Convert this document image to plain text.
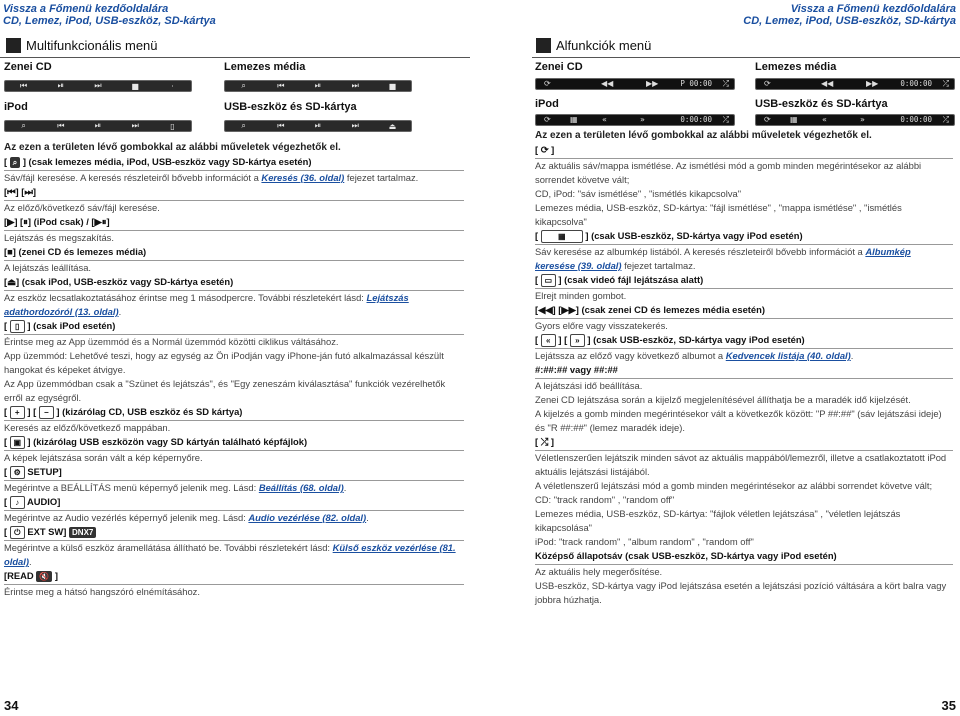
Vissza a Főmenü kezdőoldalára
CD, Lemez, iPod, USB-eszköz, SD-kártya
Vissza a Főmenü kezdőoldalára
CD, Lemez, iPod, USB-eszköz, SD-kártya
Multifunkcionális menü
Zenei CD	Lemezes média
⏮	⏯	⏭	■	·	⌕	⏮	⏯	⏭	■
iPod	USB-eszköz és SD-kártya
⌕	⏮	⏯	⏭	▯	⌕	⏮	⏯	⏭	⏏

Az ezen a területen lévő gombokkal az alábbi műveletek végezhetők el.

[ ⌕ ] (csak lemezes média, iPod, USB-eszköz vagy SD-kártya esetén)

Sáv/fájl keresése. A keresés részleteiről bővebb információt a Keresés (36. oldal) fejezet tartalmaz.

[⏮] [⏭]

Az előző/következő sáv/fájl keresése.

[▶] [⏸] (iPod csak) / [▶⏸]

Lejátszás és megszakítás.

[■] (zenei CD és lemezes média)

A lejátszás leállítása.

[⏏] (csak iPod, USB-eszköz vagy SD-kártya esetén)

Az eszköz lecsatlakoztatásához érintse meg 1 másodpercre. További részletekért lásd: Lejátszás adathordozóról (13. oldal).

[ ▯ ] (csak iPod esetén)

Érintse meg az App üzemmód és a Normál üzemmód közötti ciklikus váltásához.

App üzemmód: Lehetővé teszi, hogy az egység az Ön iPodján vagy iPhone-ján futó alkalmazással készült hangokat és képeket átvigye.

Az App üzemmódban csak a "Szünet és lejátszás", és "Egy zeneszám kiválasztása" funkciók vezérelhetők erről az egységről.

[ + ] [ − ] (kizárólag CD, USB eszköz és SD kártya)

Keresés az előző/következő mappában.

[ ▣ ] (kizárólag USB eszközön vagy SD kártyán található képfájlok)

A képek lejátszása során vált a kép képernyőre.

[ ⚙ SETUP]

Megérintve a BEÁLLÍTÁS menü képernyő jelenik meg. Lásd: Beállítás (68. oldal).

[ ♪ AUDIO]

Megérintve az Audio vezérlés képernyő jelenik meg. Lásd: Audio vezérlése (82. oldal).

[ ⏻ EXT SW] DNX7

Megérintve a külső eszköz áramellátása állítható be. További részletekért lásd: Külső eszköz vezérlése (81. oldal).

[READ 🔇 ]

Érintse meg a hátsó hangszóró elnémításához.

Alfunkciók menü
Zenei CD	Lemezes média
⟳	◀◀	▶▶	P 00:00 ⤮	⟳	◀◀	▶▶	0:00:00 ⤮
iPod	USB-eszköz és SD-kártya
⟳ ▦	«	»	0:00:00 ⤮	⟳ ▦	«	»	0:00:00 ⤮

Az ezen a területen lévő gombokkal az alábbi műveletek végezhetők el.

[ ⟳ ]

Az aktuális sáv/mappa ismétlése. Az ismétlési mód a gomb minden megérintésekor az alábbi sorrendet követve vált;

CD, iPod: "sáv ismétlése" , "ismétlés kikapcsolva"

Lemezes média, USB-eszköz, SD-kártya: "fájl ismétlése" , "mappa ismétlése" , "ismétlés kikapcsolva"

[ ▦ ] (csak USB-eszköz, SD-kártya vagy iPod esetén)

Sáv keresése az albumkép listából. A keresés részleteiről bővebb információt a Albumkép keresése (39. oldal) fejezet tartalmaz.

[ ▭ ] (csak videó fájl lejátszása alatt)

Elrejt minden gombot.

[◀◀] [▶▶] (csak zenei CD és lemezes média esetén)

Gyors előre vagy visszatekerés.

[ « ] [ » ] (csak USB-eszköz, SD-kártya vagy iPod esetén)

Lejátssza az előző vagy következő albumot a Kedvencek listája (40. oldal).

#:##:## vagy ##:##

A lejátszási idő beállítása.

Zenei CD lejátszása során a kijelző megjelenítésével állíthatja be a maradék idő kijelzését.

A kijelzés a gomb minden megérintésekor vált a következők között: "P ##:##" (sáv lejátszási ideje) és "R ##:##" (lemez maradék ideje).

[ ⤮ ]

Véletlenszerűen lejátszik minden sávot az aktuális mappából/lemezről, illetve a csatlakoztatott iPod aktuális lejátszási listájából.

A véletlenszerű lejátszási mód a gomb minden megérintésekor az alábbi sorrendet követve vált;

CD: "track random" , "random off"

Lemezes média, USB-eszköz, SD-kártya: "fájlok véletlen lejátszása" , "véletlen lejátszás kikapcsolása"

iPod: "track random" , "album random" , "random off"

Középső állapotsáv (csak USB-eszköz, SD-kártya vagy iPod esetén)

Az aktuális hely megerősítése.

USB-eszköz, SD-kártya vagy iPod lejátszása esetén a lejátszási pozíció váltására a kört balra vagy jobbra húzhatja.

34	35
